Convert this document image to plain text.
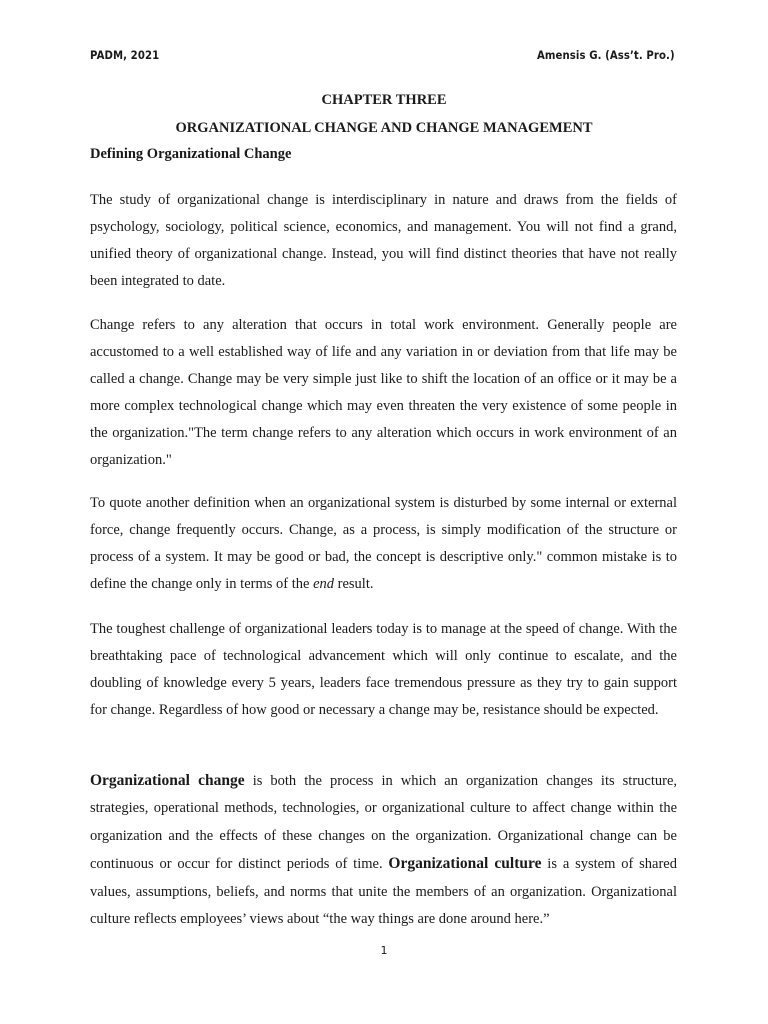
PADM, 2021	Amensis G. (Ass’t. Pro.)
CHAPTER THREE
ORGANIZATIONAL CHANGE AND CHANGE MANAGEMENT
Defining Organizational Change

The study of organizational change is interdisciplinary in nature and draws from the fields of psychology, sociology, political science, economics, and management. You will not find a grand, unified theory of organizational change. Instead, you will find distinct theories that have not really been integrated to date.

Change refers to any alteration that occurs in total work environment. Generally people are accustomed to a well established way of life and any variation in or deviation from that life may be called a change. Change may be very simple just like to shift the location of an office or it may be a more complex technological change which may even threaten the very existence of some people in the organization."The term change refers to any alteration which occurs in work environment of an organization."

To quote another definition when an organizational system is disturbed by some internal or external force, change frequently occurs. Change, as a process, is simply modification of the structure or process of a system. It may be good or bad, the concept is descriptive only." common mistake is to define the change only in terms of the end result.

The toughest challenge of organizational leaders today is to manage at the speed of change. With the breathtaking pace of technological advancement which will only continue to escalate, and the doubling of knowledge every 5 years, leaders face tremendous pressure as they try to gain support for change. Regardless of how good or necessary a change may be, resistance should be expected.

Organizational change is both the process in which an organization changes its structure, strategies, operational methods, technologies, or organizational culture to affect change within the organization and the effects of these changes on the organization. Organizational change can be continuous or occur for distinct periods of time. Organizational culture is a system of shared values, assumptions, beliefs, and norms that unite the members of an organization. Organizational culture reflects employees’ views about “the way things are done around here.”

1
